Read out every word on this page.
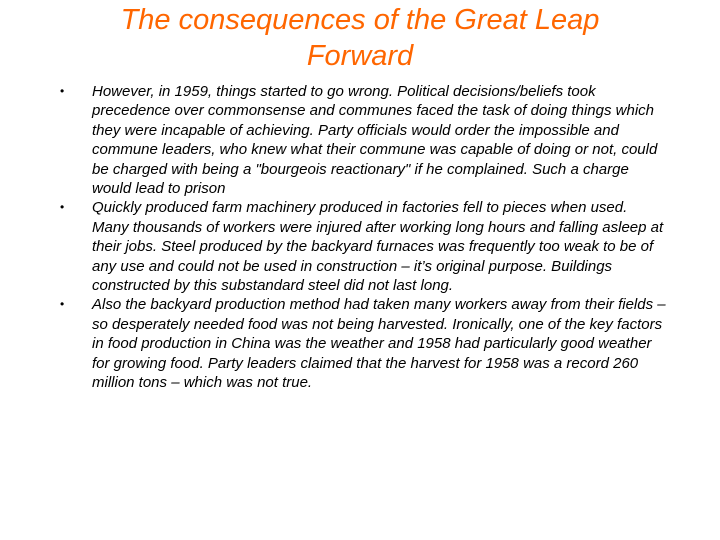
The consequences of the Great Leap
Forward
•	However, in 1959, things started to go wrong. Political decisions/beliefs took precedence over commonsense and communes faced the task of doing things which they were incapable of achieving. Party officials would order the impossible and commune leaders, who knew what their commune was capable of doing or not, could be charged with being a "bourgeois reactionary" if he complained. Such a charge would lead to prison
•	Quickly produced farm machinery produced in factories fell to pieces when used. Many thousands of workers were injured after working long hours and falling asleep at their jobs. Steel produced by the backyard furnaces was frequently too weak to be of any use and could not be used in construction – it’s original purpose. Buildings constructed by this substandard steel did not last long.
•	Also the backyard production method had taken many workers away from their fields – so desperately needed food was not being harvested. Ironically, one of the key factors in food production in China was the weather and 1958 had particularly good weather for growing food. Party leaders claimed that the harvest for 1958 was a record 260 million tons – which was not true.
